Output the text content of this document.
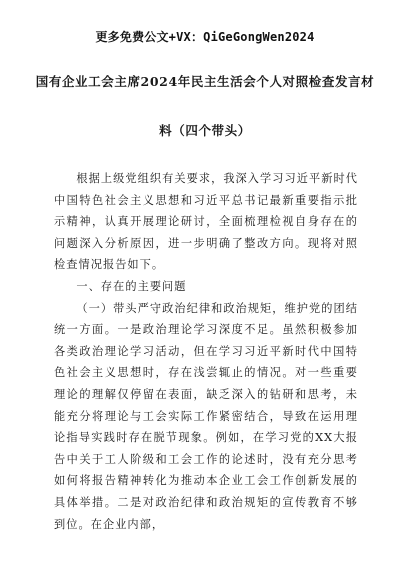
更多免费公文+VX：QiGeGongWen2024
国有企业工会主席2024年民主生活会个人对照检查发言材
料（四个带头）

根据上级党组织有关要求，我深入学习习近平新时代中国特色社会主义思想和习近平总书记最新重要指示批示精神，认真开展理论研讨，全面梳理检视自身存在的问题深入分析原因，进一步明确了整改方向。现将对照检查情况报告如下。

一、存在的主要问题

（一）带头严守政治纪律和政治规矩，维护党的团结统一方面。一是政治理论学习深度不足。虽然积极参加各类政治理论学习活动，但在学习习近平新时代中国特色社会主义思想时，存在浅尝辄止的情况。对一些重要理论的理解仅停留在表面，缺乏深入的钻研和思考，未能充分将理论与工会实际工作紧密结合，导致在运用理论指导实践时存在脱节现象。例如，在学习党的XX大报告中关于工人阶级和工会工作的论述时，没有充分思考如何将报告精神转化为推动本企业工会工作创新发展的具体举措。二是对政治纪律和政治规矩的宣传教育不够到位。在企业内部，
